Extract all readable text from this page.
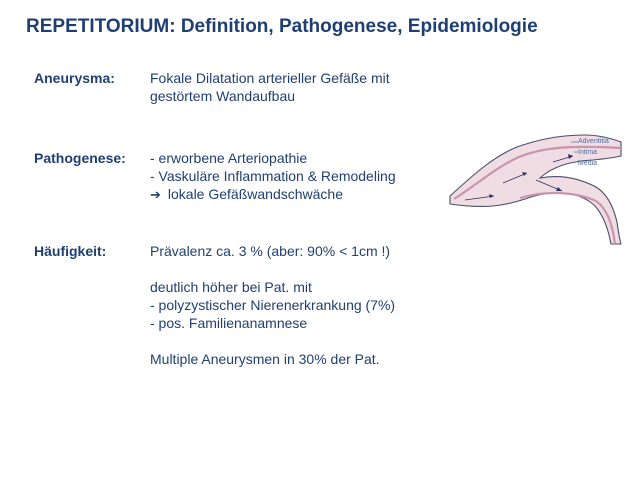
REPETITORIUM: Definition, Pathogenese, Epidemiologie
Aneurysma:	Fokale Dilatation arterieller Gefäße mit
gestörtem Wandaufbau
Pathogenese: - erworbene Arteriopathie
- Vaskuläre Inflammation & Remodeling
➔ lokale Gefäßwandschwäche
Häufigkeit:	Prävalenz ca. 3 % (aber: 90% < 1cm !)
deutlich höher bei Pat. mit
- polyzystischer Nierenerkrankung (7%)
- pos. Familienanamnese
Multiple Aneurysmen in 30% der Pat.
Adventitia
Intima
Media
